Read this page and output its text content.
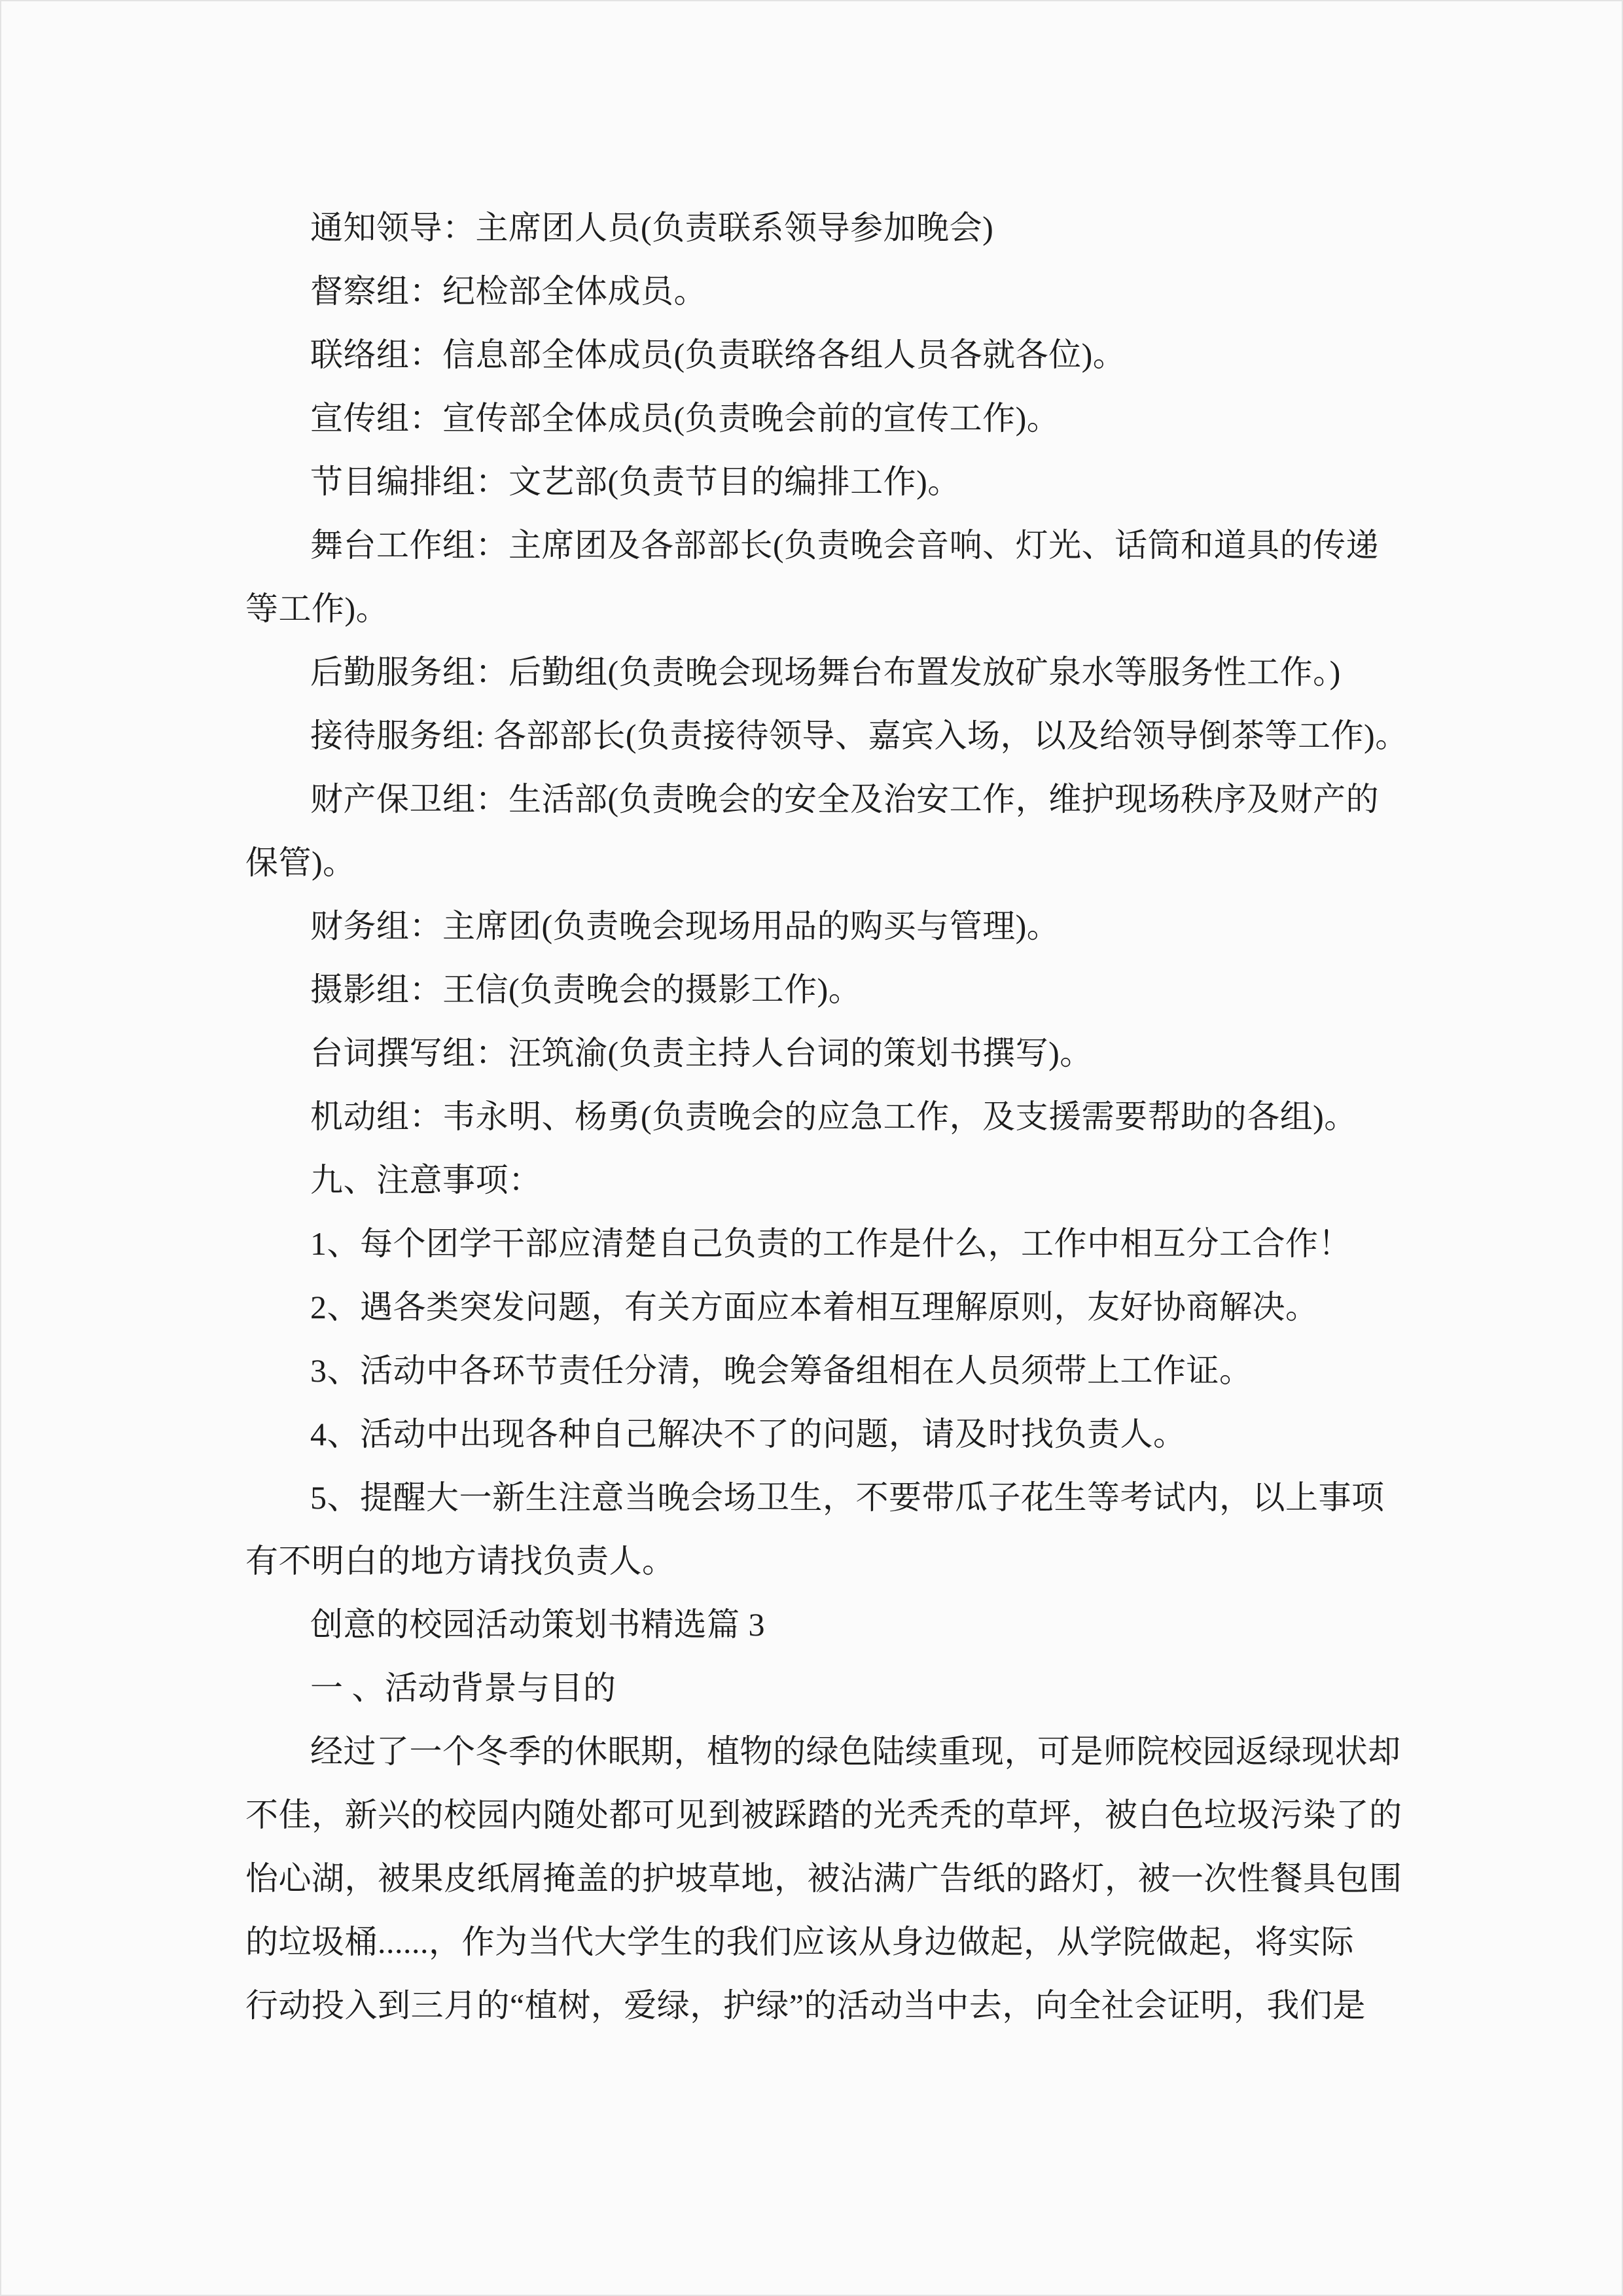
通知领导：主席团人员(负责联系领导参加晚会)
督察组：纪检部全体成员。
联络组：信息部全体成员(负责联络各组人员各就各位)。
宣传组：宣传部全体成员(负责晚会前的宣传工作)。
节目编排组：文艺部(负责节目的编排工作)。
舞台工作组：主席团及各部部长(负责晚会音响、灯光、话筒和道具的传递
等工作)。
后勤服务组：后勤组(负责晚会现场舞台布置发放矿泉水等服务性工作。)
接待服务组: 各部部长(负责接待领导、嘉宾入场，以及给领导倒茶等工作)。
财产保卫组：生活部(负责晚会的安全及治安工作，维护现场秩序及财产的
保管)。
财务组：主席团(负责晚会现场用品的购买与管理)。
摄影组：王信(负责晚会的摄影工作)。
台词撰写组：汪筑渝(负责主持人台词的策划书撰写)。
机动组：韦永明、杨勇(负责晚会的应急工作，及支援需要帮助的各组)。
九、注意事项：
1、每个团学干部应清楚自己负责的工作是什么，工作中相互分工合作！
2、遇各类突发问题，有关方面应本着相互理解原则，友好协商解决。
3、活动中各环节责任分清，晚会筹备组相在人员须带上工作证。
4、活动中出现各种自己解决不了的问题，请及时找负责人。
5、提醒大一新生注意当晚会场卫生，不要带瓜子花生等考试内，以上事项
有不明白的地方请找负责人。
创意的校园活动策划书精选篇 3
一 、活动背景与目的
经过了一个冬季的休眠期，植物的绿色陆续重现，可是师院校园返绿现状却
不佳，新兴的校园内随处都可见到被踩踏的光秃秃的草坪，被白色垃圾污染了的
怡心湖，被果皮纸屑掩盖的护坡草地，被沾满广告纸的路灯，被一次性餐具包围
的垃圾桶......，作为当代大学生的我们应该从身边做起，从学院做起，将实际
行动投入到三月的“植树，爱绿，护绿”的活动当中去，向全社会证明，我们是
